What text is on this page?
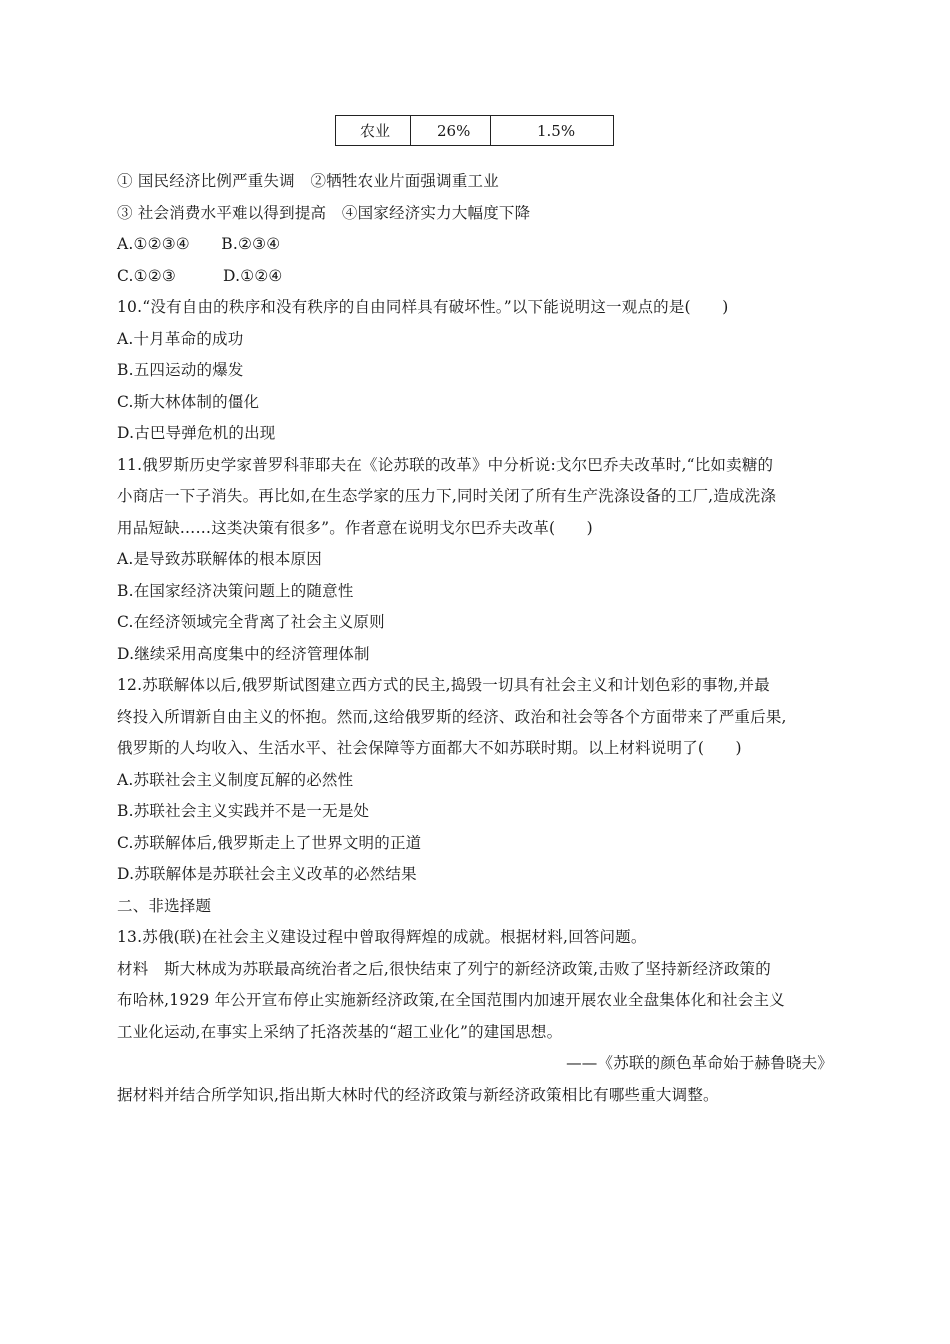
农业	26%	1.5%
① 国民经济比例严重失调　②牺牲农业片面强调重工业
③ 社会消费水平难以得到提高　④国家经济实力大幅度下降
A.①②③④　　B.②③④
C.①②③　　　D.①②④
10.“没有自由的秩序和没有秩序的自由同样具有破坏性。”以下能说明这一观点的是(　　)
A.十月革命的成功
B.五四运动的爆发
C.斯大林体制的僵化
D.古巴导弹危机的出现
11.俄罗斯历史学家普罗科菲耶夫在《论苏联的改革》中分析说:戈尔巴乔夫改革时,“比如卖糖的
小商店一下子消失。再比如,在生态学家的压力下,同时关闭了所有生产洗涤设备的工厂,造成洗涤
用品短缺……这类决策有很多”。作者意在说明戈尔巴乔夫改革(　　)
A.是导致苏联解体的根本原因
B.在国家经济决策问题上的随意性
C.在经济领域完全背离了社会主义原则
D.继续采用高度集中的经济管理体制
12.苏联解体以后,俄罗斯试图建立西方式的民主,捣毁一切具有社会主义和计划色彩的事物,并最
终投入所谓新自由主义的怀抱。然而,这给俄罗斯的经济、政治和社会等各个方面带来了严重后果,
俄罗斯的人均收入、生活水平、社会保障等方面都大不如苏联时期。以上材料说明了(　　)
A.苏联社会主义制度瓦解的必然性
B.苏联社会主义实践并不是一无是处
C.苏联解体后,俄罗斯走上了世界文明的正道
D.苏联解体是苏联社会主义改革的必然结果
二、非选择题
13.苏俄(联)在社会主义建设过程中曾取得辉煌的成就。根据材料,回答问题。
材料　斯大林成为苏联最高统治者之后,很快结束了列宁的新经济政策,击败了坚持新经济政策的
布哈林,1929 年公开宣布停止实施新经济政策,在全国范围内加速开展农业全盘集体化和社会主义
工业化运动,在事实上采纳了托洛茨基的“超工业化”的建国思想。
——《苏联的颜色革命始于赫鲁晓夫》
据材料并结合所学知识,指出斯大林时代的经济政策与新经济政策相比有哪些重大调整。
